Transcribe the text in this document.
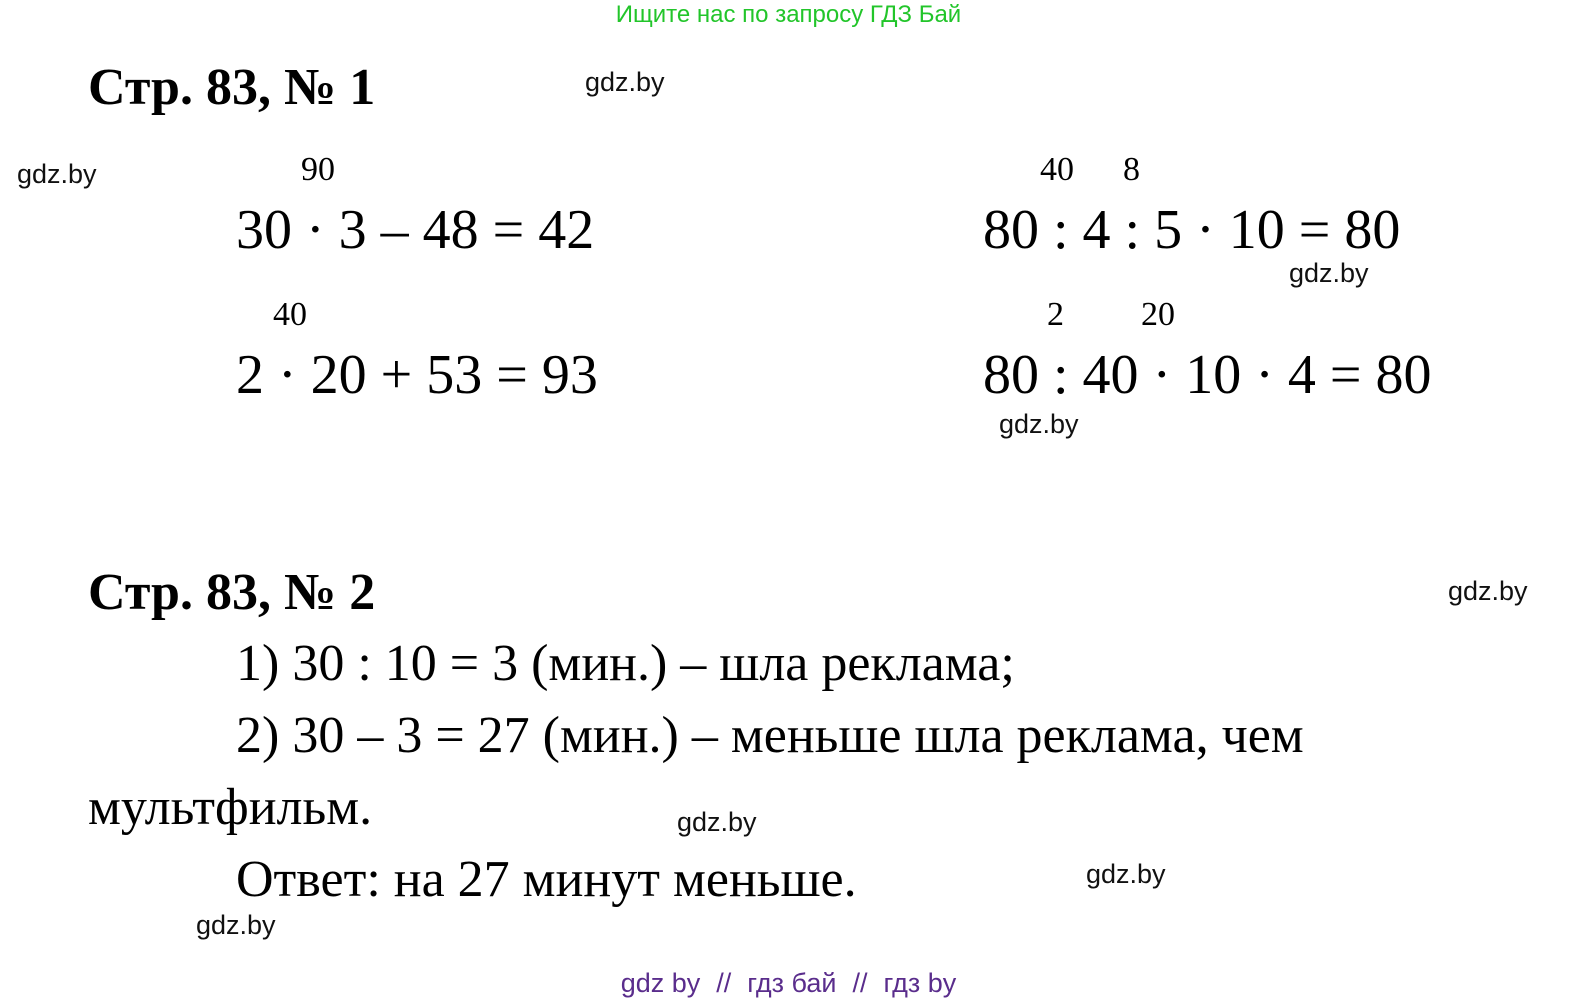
Ищите нас по запросу ГДЗ Бай
Стр. 83, № 1
90
30 · 3 – 48 = 42
40
2 · 20 + 53 = 93
40 8
80 : 4 : 5 · 10 = 80
2 20
80 : 40 · 10 · 4 = 80
Стр. 83, № 2
1) 30 : 10 = 3 (мин.) – шла реклама;
2) 30 – 3 = 27 (мин.) – меньше шла реклама, чем
мультфильм.
Ответ: на 27 минут меньше.
gdz.by
gdz.by
gdz.by
gdz.by
gdz.by
gdz.by
gdz.by
gdz.by
gdz by // гдз бай // гдз by
